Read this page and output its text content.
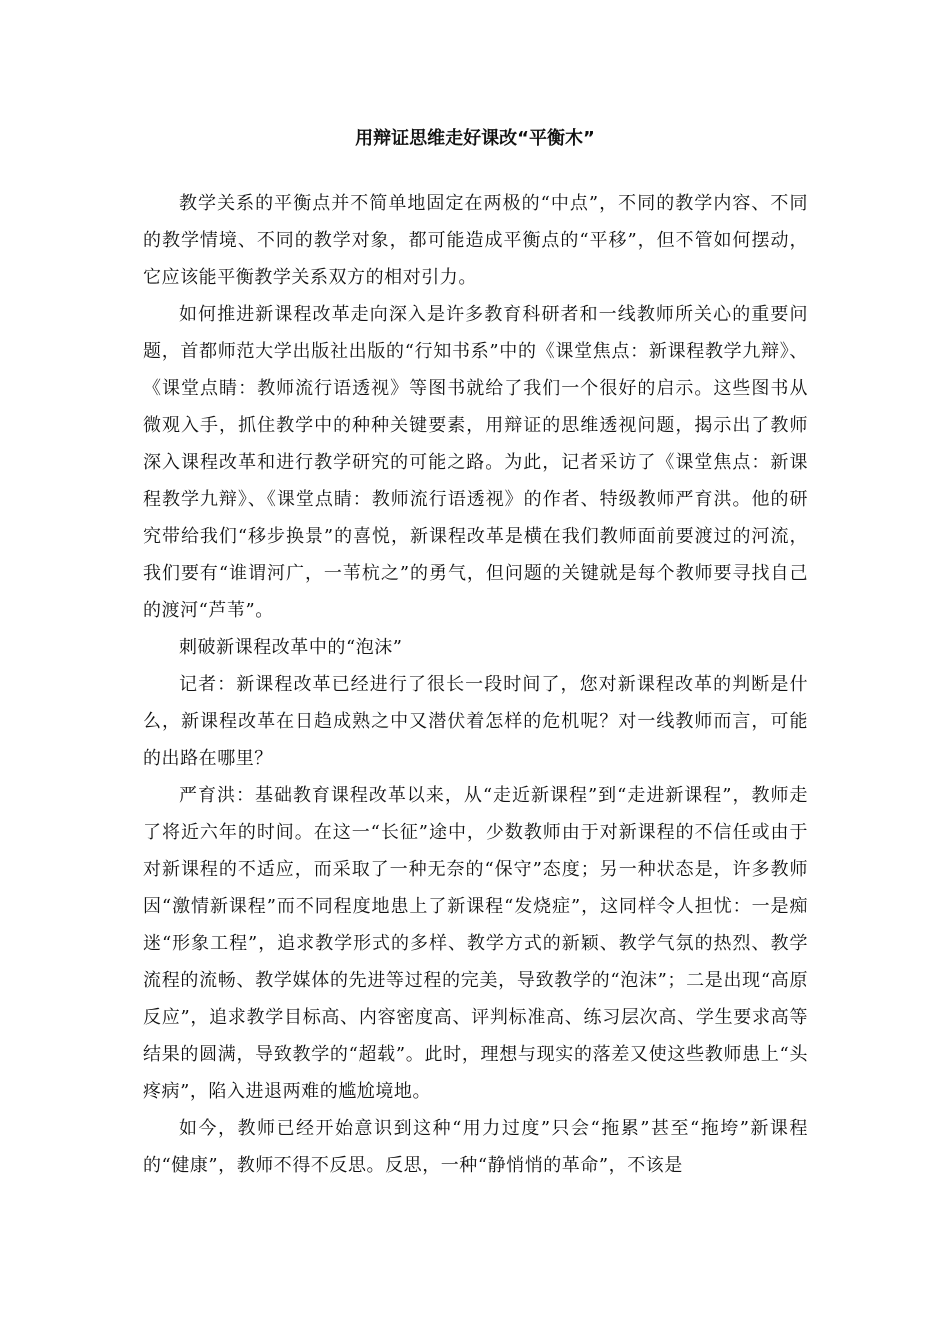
用辩证思维走好课改“平衡木”

教学关系的平衡点并不简单地固定在两极的“中点”，不同的教学内容、不同的教学情境、不同的教学对象，都可能造成平衡点的“平移”，但不管如何摆动，它应该能平衡教学关系双方的相对引力。

如何推进新课程改革走向深入是许多教育科研者和一线教师所关心的重要问题，首都师范大学出版社出版的“行知书系”中的《课堂焦点：新课程教学九辩》、《课堂点睛：教师流行语透视》等图书就给了我们一个很好的启示。这些图书从微观入手，抓住教学中的种种关键要素，用辩证的思维透视问题，揭示出了教师深入课程改革和进行教学研究的可能之路。为此，记者采访了《课堂焦点：新课程教学九辩》、《课堂点睛：教师流行语透视》的作者、特级教师严育洪。他的研究带给我们“移步换景”的喜悦，新课程改革是横在我们教师面前要渡过的河流，我们要有“谁谓河广，一苇杭之”的勇气，但问题的关键就是每个教师要寻找自己的渡河“芦苇”。

刺破新课程改革中的“泡沫”

记者：新课程改革已经进行了很长一段时间了，您对新课程改革的判断是什么，新课程改革在日趋成熟之中又潜伏着怎样的危机呢？对一线教师而言，可能的出路在哪里？

严育洪：基础教育课程改革以来，从“走近新课程”到“走进新课程”，教师走了将近六年的时间。在这一“长征”途中，少数教师由于对新课程的不信任或由于对新课程的不适应，而采取了一种无奈的“保守”态度；另一种状态是，许多教师因“激情新课程”而不同程度地患上了新课程“发烧症”，这同样令人担忧：一是痴迷“形象工程”，追求教学形式的多样、教学方式的新颖、教学气氛的热烈、教学流程的流畅、教学媒体的先进等过程的完美，导致教学的“泡沫”；二是出现“高原反应”，追求教学目标高、内容密度高、评判标准高、练习层次高、学生要求高等结果的圆满，导致教学的“超载”。此时，理想与现实的落差又使这些教师患上“头疼病”，陷入进退两难的尴尬境地。

如今，教师已经开始意识到这种“用力过度”只会“拖累”甚至“拖垮”新课程的“健康”，教师不得不反思。反思，一种“静悄悄的革命”，不该是
